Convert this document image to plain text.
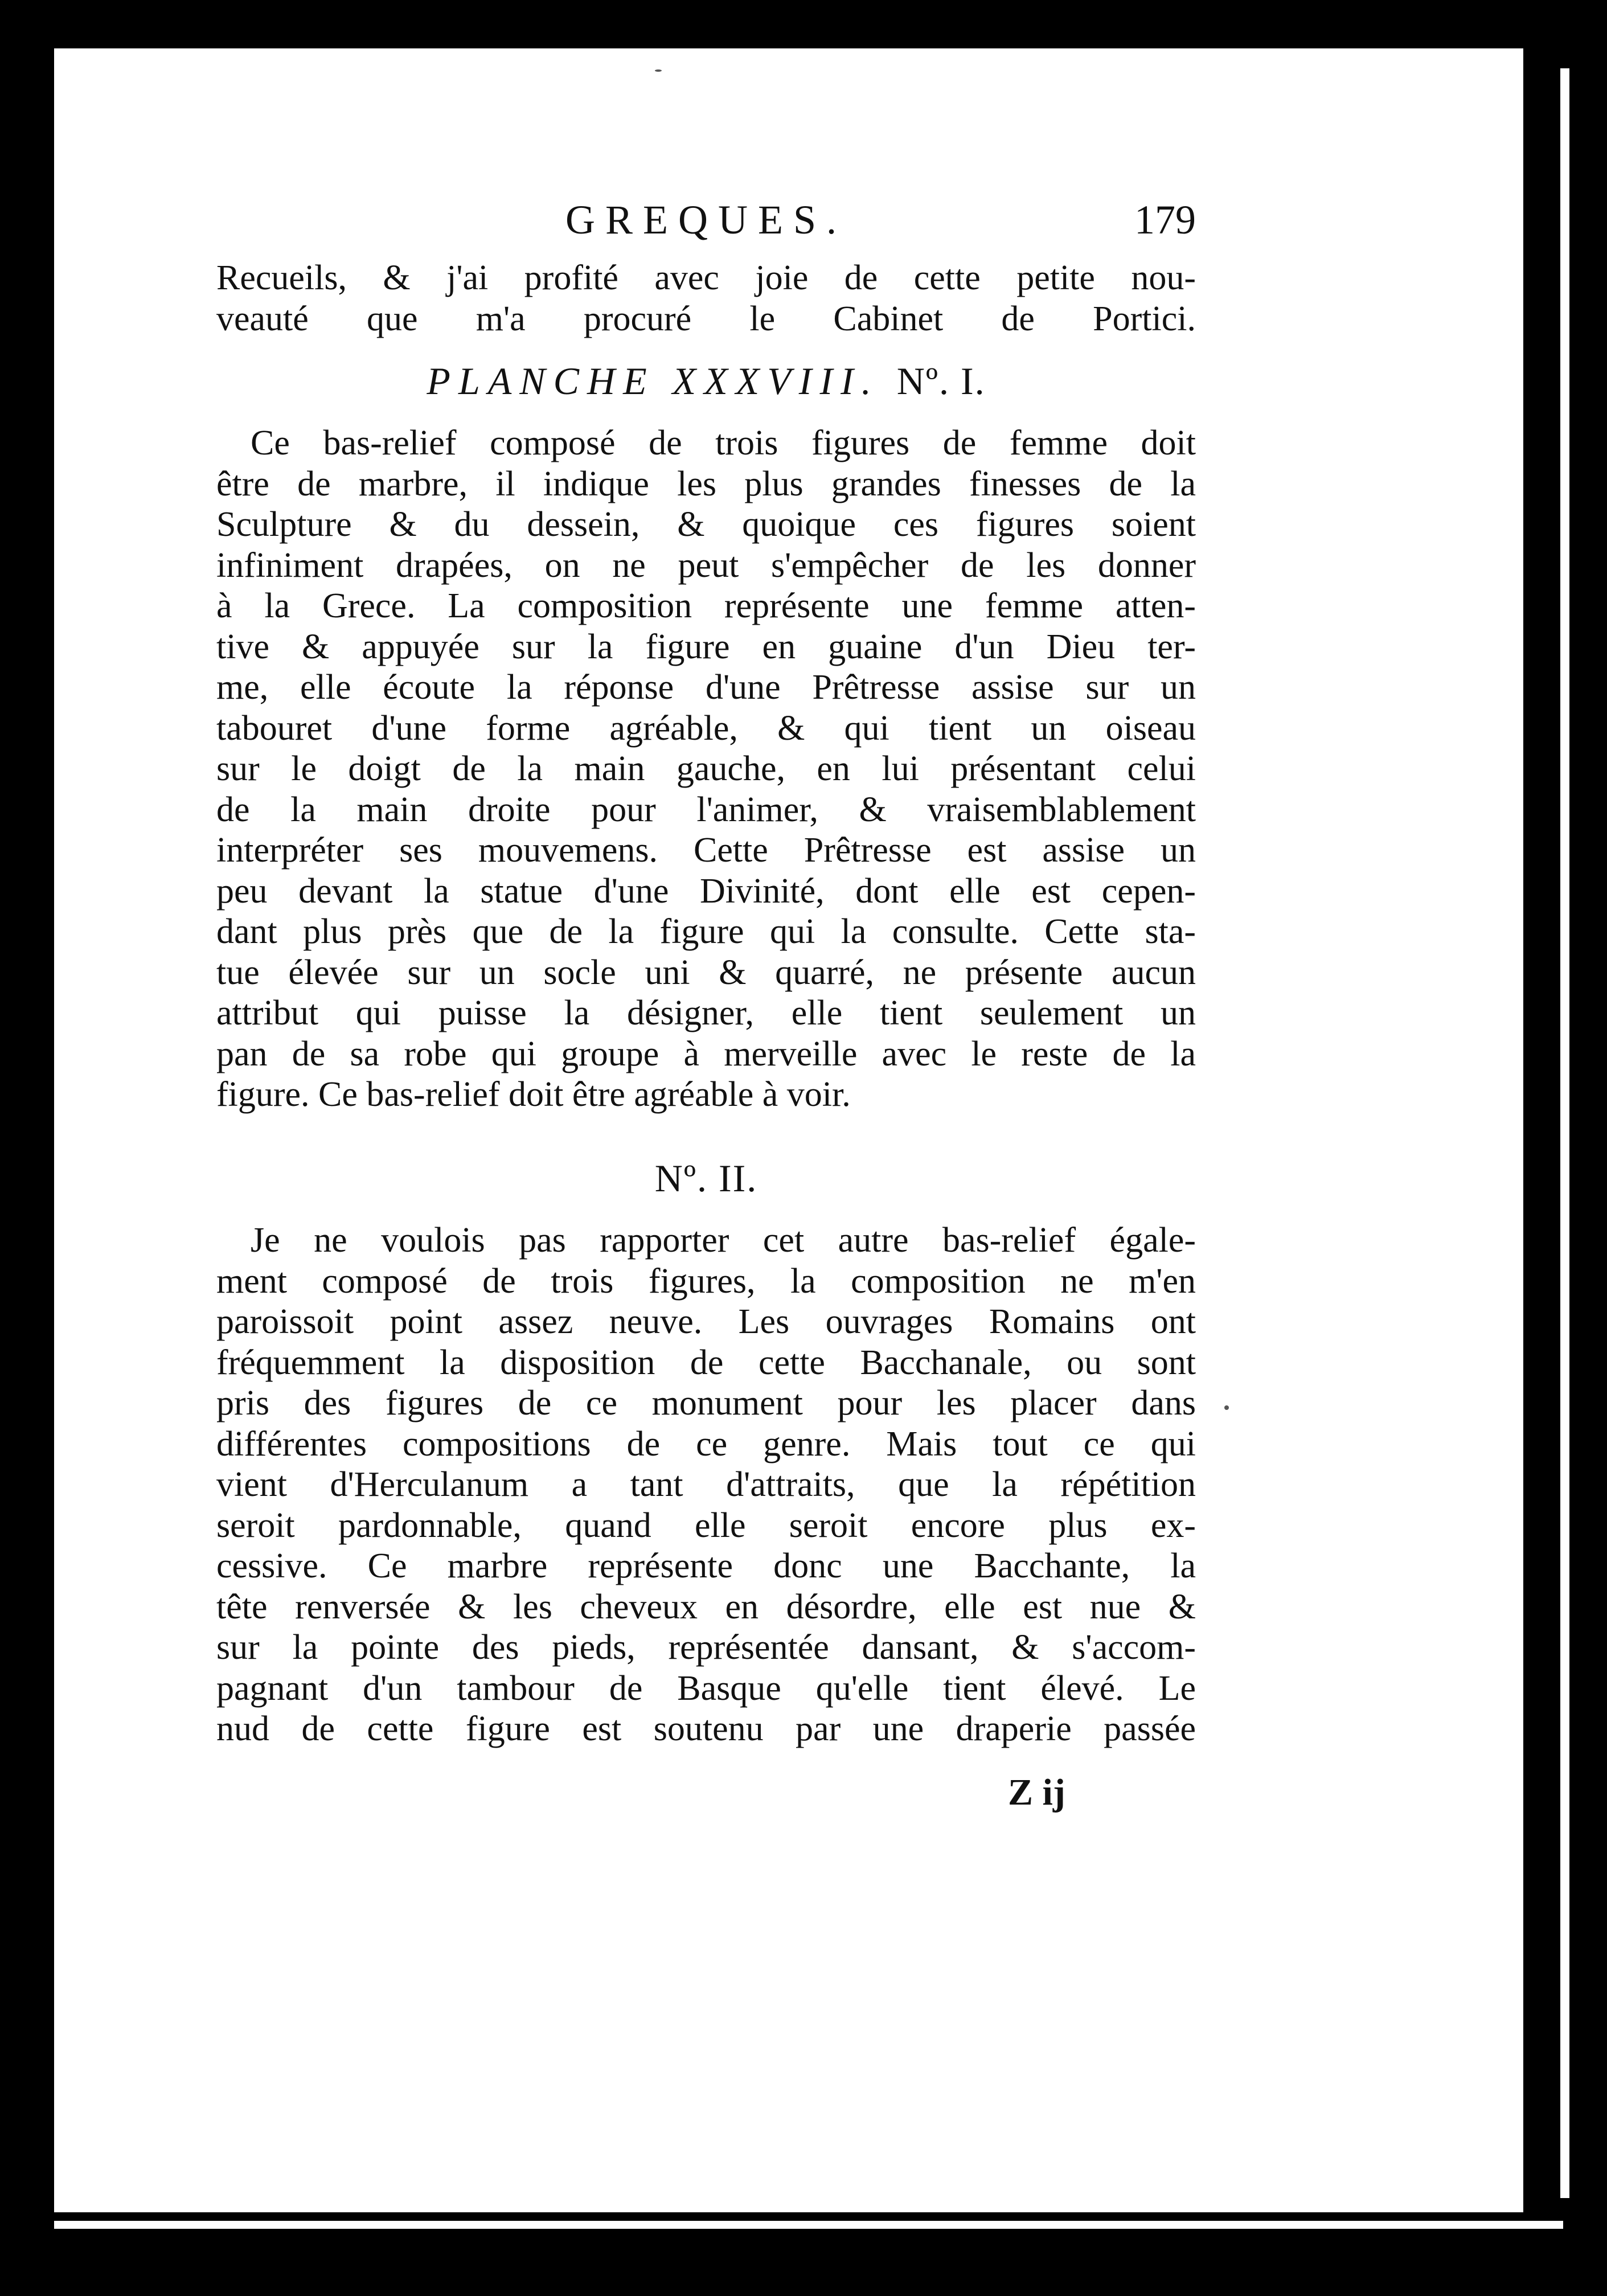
GREQUES.	179
Recueils, & j'ai profité avec joie de cette petite nou-
veauté que m'a procuré le Cabinet de Portici.
PLANCHE XXXVIII. Nº. I.
Ce bas-relief composé de trois figures de femme doit
être de marbre, il indique les plus grandes finesses de la
Sculpture & du dessein, & quoique ces figures soient
infiniment drapées, on ne peut s'empêcher de les donner
à la Grece. La composition représente une femme atten-
tive & appuyée sur la figure en guaine d'un Dieu ter-
me, elle écoute la réponse d'une Prêtresse assise sur un
tabouret d'une forme agréable, & qui tient un oiseau
sur le doigt de la main gauche, en lui présentant celui
de la main droite pour l'animer, & vraisemblablement
interpréter ses mouvemens. Cette Prêtresse est assise un
peu devant la statue d'une Divinité, dont elle est cepen-
dant plus près que de la figure qui la consulte. Cette sta-
tue élevée sur un socle uni & quarré, ne présente aucun
attribut qui puisse la désigner, elle tient seulement un
pan de sa robe qui groupe à merveille avec le reste de la
figure. Ce bas-relief doit être agréable à voir.
Nº. II.
Je ne voulois pas rapporter cet autre bas-relief égale-
ment composé de trois figures, la composition ne m'en
paroissoit point assez neuve. Les ouvrages Romains ont
fréquemment la disposition de cette Bacchanale, ou sont
pris des figures de ce monument pour les placer dans
différentes compositions de ce genre. Mais tout ce qui
vient d'Herculanum a tant d'attraits, que la répétition
seroit pardonnable, quand elle seroit encore plus ex-
cessive. Ce marbre représente donc une Bacchante, la
tête renversée & les cheveux en désordre, elle est nue &
sur la pointe des pieds, représentée dansant, & s'accom-
pagnant d'un tambour de Basque qu'elle tient élevé. Le
nud de cette figure est soutenu par une draperie passée
Z ij
